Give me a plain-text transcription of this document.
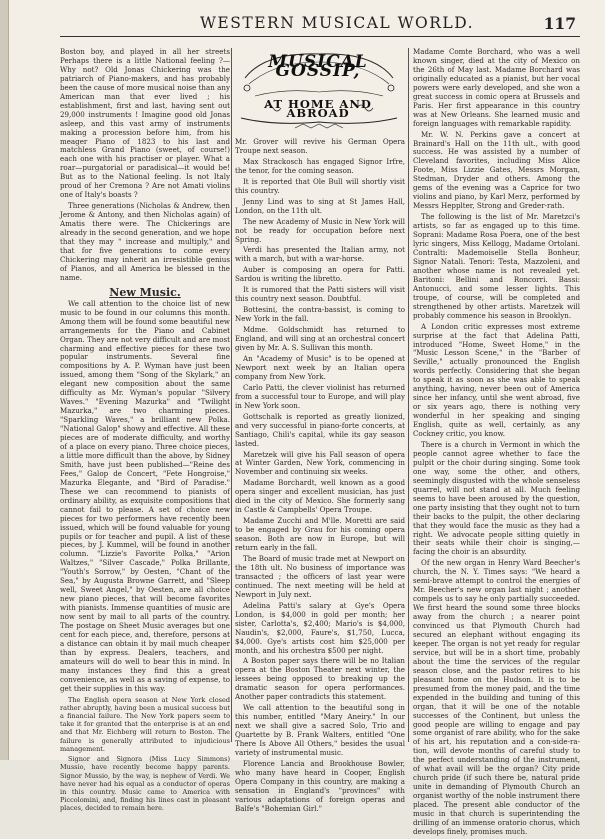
WESTERN MUSICAL WORLD.	117

Boston boy, and played in all her streets Perhaps there is a little National feeling ?—Why not? Old Jonas Chickering was the patriarch of Piano-makers, and has probably been the cause of more musical noise than any American man that ever lived ; his establishment, first and last, having sent out 29,000 instruments ! Imagine good old Jonas asleep, and this vast army of instruments making a procession before him, from his meager Piano of 1823 to his last and matchless Grand Piano (sweet, of course!) each one with his practiser or player. What a roar—purgatorial or paradisical—it would be! But as to the National feeling. Is not Italy proud of her Cremona ? Are not Amati violins one of Italy's boasts ?

Three generations (Nicholas & Andrew, then Jerome & Antony, and then Nicholas again) of Amatis there were. The Chickerings are already in the second generation, and we hope that they may " increase and multiply," and that for five generations to come every Chickering may inherit an irresistible genius of Pianos, and all America be blessed in the name.

New Music.

We call attention to the choice list of new music to be found in our columns this month. Among them will be found some beautiful new arrangements for the Piano and Cabinet Organ. They are not very difficult and are most charming and effective pieces for these two popular instruments. Several fine compositions by A. P. Wyman have just been issued, among them "Song of the Skylark," an elegant new composition about the same difficulty as Mr. Wyman's popular "Silvery Waves." "Evening Mazurka" and "Twilight Mazurka," are two charming pieces. "Sparkling Waves," a brilliant new Polka. "National Galop" showy and effective. All these pieces are of moderate difficulty, and worthy of a place on every piano. Three choice pieces, a little more difficult than the above, by Sidney Smith, have just been published—"Reine des Fees," Galop de Concert, "Fete Hongroise," Mazurka Elegante, and "Bird of Paradise." These we can recommend to pianists of ordinary ability, as exquisite compositions that cannot fail to please. A set of choice new pieces for two performers have recently been issued, which will be found valuable for young pupils or for teacher and pupil. A list of these pieces, by J. Kummel, will be found in another column. "Lizzie's Favorite Polka," "Arion Waltzes," "Silver Cascade," Polka Brillante, "Youth's Sorrow," by Oesten, "Chant of the Sea," by Augusta Browne Garrett, and "Sleep well, Sweet Angel," by Oesten, are all choice new piano pieces, that will become favorites with pianists. Immense quantities of music are now sent by mail to all parts of the country. The postage on Sheet Music averages but one cent for each piece, and, therefore, persons at a distance can obtain it by mail much cheaper than by express. Dealers, teachers, and amateurs will do well to bear this in mind. In many instances they find this a great convenience, as well as a saving of expense, to get their supplies in this way.

The English opera season at New York closed rather abruptly, having been a musical success but a financial failure. The New York papers seem to take it for granted that the enterprise is at an end and that Mr. Eichberg will return to Boston. The failure is generally attributed to injudicious management.

Signor and Signora (Miss Lucy Simmons) Mussio, have recently become happy parents. Signor Mussio, by the way, is nephew of Verdi. We have never had his equal as a conductor of operas in this country. Music came to America with Piccolomini, and, finding his lines cast in pleasant places, decided to remain here.

MUSICAL GOSSIP,
AT HOME AND ABROAD

Mr. Grover will revive his German Opera Troupe next season.

Max Strackosch has engaged Signor Irfre, the tenor, for the coming season.

It is reported that Ole Bull will shortly visit this country.

Jenny Lind was to sing at St James Hall, London, on the 11th ult.

The new Academy of Music in New York will not be ready for occupation before next Spring.

Verdi has presented the Italian army, not with a march, but with a war-horse.

Auber is composing an opera for Patti. Sardou is writing the libretto.

It is rumored that the Patti sisters will visit this country next season. Doubtful.

Bottesini, the contra-bassist, is coming to New York in the fall.

Mdme. Goldschmidt has returned to England, and will sing at an orchestral concert given by Mr. A. S. Sullivan this month.

An "Academy of Music" is to be opened at Newport next week by an Italian opera company from New York.

Carlo Patti, the clever violinist has returned from a successful tour to Europe, and will play in New York soon.

Gottschalk is reported as greatly lionized, and very successful in piano-forte concerts, at Santiago, Chili's capital, while its gay season lasted.

Maretzek will give his Fall season of opera at Winter Garden, New York, commencing in November and continuing six weeks.

Madame Borchardt, well known as a good opera singer and excellent musician, has just died in the city of Mexico. She formerly sang in Castle & Campbells' Opera Troupe.

Madame Zucchi and M'lle. Moretti are said to be engaged by Grau for his coming opera season. Both are now in Europe, but will return early in the fall.

The Board of music trade met at Newport on the 18th ult. No business of importance was transacted ; the officers of last year were continued. The next meeting will be held at Newport in July next.

Adelina Patti's salary at Gye's Opera London, is $4,000 in gold per month; her sister, Carlotta's, $2,400; Mario's is $4,000, Naudin's, $2,000, Faure's, $1,750, Lucca, $4,000. Gye's artists cost him $25,000 per month, and his orchestra $500 per night.

A Boston paper says there will be no Italian opera at the Boston Theater next winter, the lessees being opposed to breaking up the dramatic season for opera performances. Another paper contradicts this statement.

We call attention to the beautiful song in this number, entitled "Mary Aneiry." In our next we shall give a sacred Solo, Trio and Quartette by B. Frank Walters, entitled "One There Is Above All Others," besides the usual variety of instrumental music.

Florence Lancia and Brookhouse Bowler, who many have heard in Cooper, English Opera Company in this country, are making a sensation in England's "provinces" with various adaptations of foreign operas and Balfe's "Bohemian Girl."

Madame Comte Borchard, who was a well known singer, died at the city of Mexico on the 26th of May last. Madame Borchard was originally educated as a pianist, but her vocal powers were early developed, and she won a great success in comic opera at Brussels and Paris. Her first appearance in this country was at New Orleans. She learned music and foreign languages with remarkable rapidity.

Mr. W. N. Perkins gave a concert at Brainard's Hall on the 11th ult., with good success. He was assisted by a number of Cleveland favorites, including Miss Alice Foote, Miss Lizzie Gates, Messrs Morgan, Stedman, Dryder and others. Among the gems of the evening was a Caprice for two violins and piano, by Karl Merz, performed by Messrs Hepplter, Strong and Greder-rath.

The following is the list of Mr. Maretzci's artists, so far as engaged up to this time. Soprani: Madame Rosa Poera, one of the best lyric singers, Miss Kellogg, Madame Ortolani. Contralti: Mademoiselle Stella Bonheur, Signor Natali. Tenori: Testa, Mazzoleni, and another whose name is not revealed yet. Baritoni: Bellini and Roncorri. Bassi: Antonucci, and some lesser lights. This troupe, of course, will be completed and strengthened by other artists. Maretzek will probably commence his season in Brooklyn.

A London critic expresses most extreme surprise at the fact that Adelina Patti, introduced "Home, Sweet Home," in the "Music Lesson Scene," in the "Barber of Seville," actually pronounced the English words perfectly. Considering that she began to speak it as soon as she was able to speak anything, having, never been out of America since her infancy, until she went abroad, five or six years ago, there is nothing very wonderful in her speaking and singing English, quite as well, certainly, as any Cockney critic, you know.

There is a church in Vermont in which the people cannot agree whether to face the pulpit or the choir during singing. Some took one way, some the other, and others, seemingly disgusted with the whole senseless quarrel, will not stand at all. Much feeling seems to have been aroused by the question, one party insisting that they ought not to turn their backs to the pulpit, the other declaring that they would face the music as they had a right. We advocate people sitting quietly in their seats while their choir is singing,—facing the choir is an absurdity.

Of the new organ in Henry Ward Beecher's church, the N. Y. Times says: "We heard a semi-brave attempt to control the energies of Mr. Beecher's new organ last night ; another compels us to say he only partially succeeded. We first heard the sound some three blocks away from the church ; a nearer point convinced us that Plymouth Church had secured an elephant without engaging its keeper. The organ is not yet ready for regular service, but will be in a short time, probably about the time the services of the regular season close, and the pastor retires to his pleasant home on the Hudson. It is to be presumed from the money paid, and the time expended in the building and tuning of this organ, that it will be one of the notable successes of the Continent, but unless the good people are willing to engage and pay some organist of rare ability, who for the sake of his art, his reputation and a con-side-ra-tion, will devote months of careful study to the perfect understanding of the instrument, of what avail will be the organ? City pride church pride (if such there be, natural pride unite in demanding of Plymouth Church an organist worthy of the noble instrument there placed. The present able conductor of the music in that church is superintending the drilling of an immense oratorio chorus, which develops finely, promises much.
